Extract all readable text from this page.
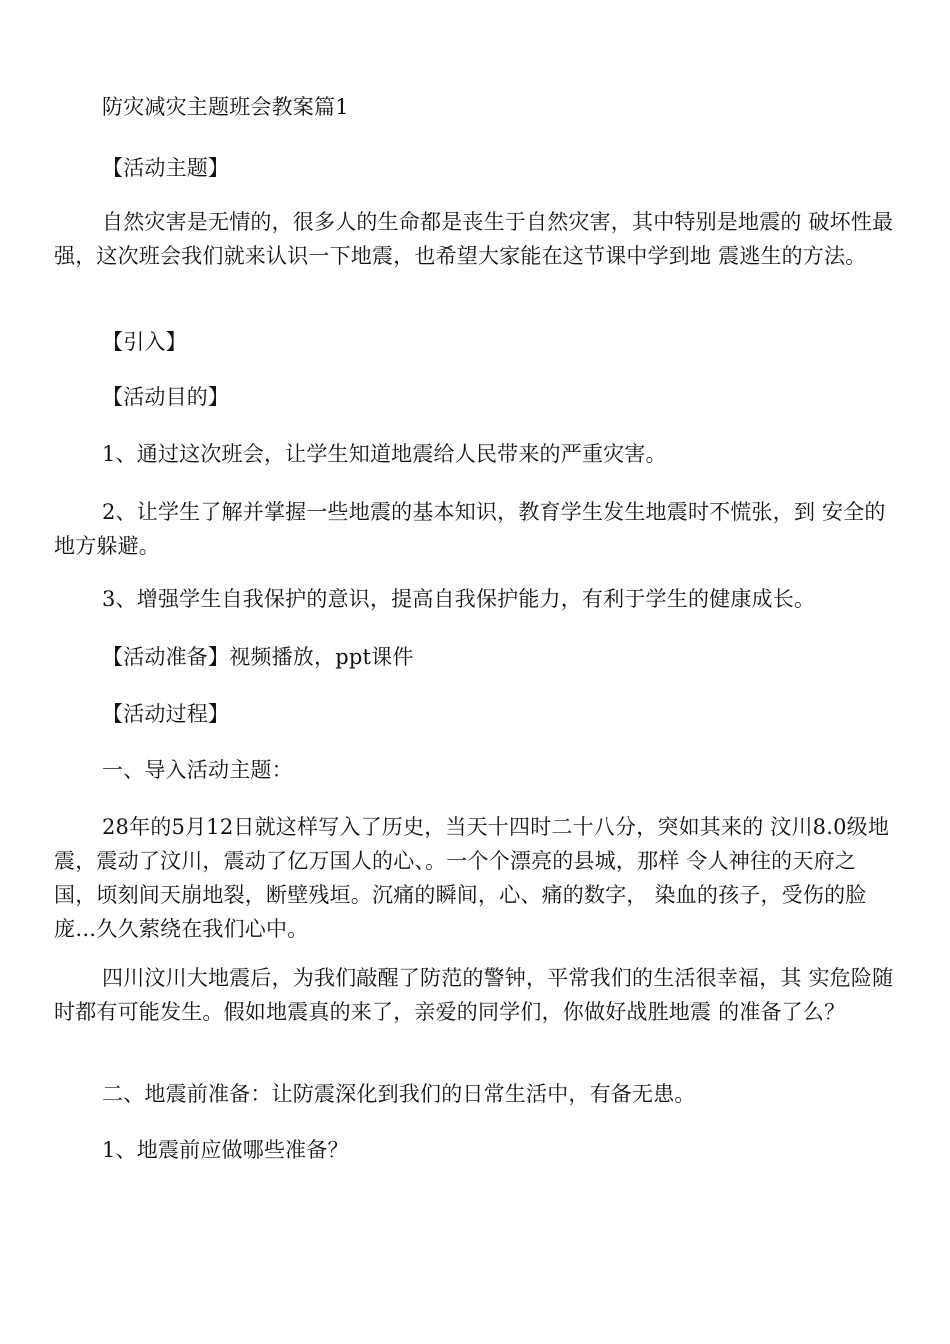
防灾减灾主题班会教案篇1

【活动主题】

自然灾害是无情的，很多人的生命都是丧生于自然灾害，其中特别是地震的 破坏性最强，这次班会我们就来认识一下地震，也希望大家能在这节课中学到地 震逃生的方法。

【引入】

【活动目的】

1、通过这次班会，让学生知道地震给人民带来的严重灾害。

2、让学生了解并掌握一些地震的基本知识，教育学生发生地震时不慌张，到 安全的地方躲避。

3、增强学生自我保护的意识，提高自我保护能力，有利于学生的健康成长。

【活动准备】视频播放，ppt课件

【活动过程】

一、导入活动主题：

28年的5月12日就这样写入了历史，当天十四时二十八分，突如其来的 汶川8.0级地震，震动了汶川，震动了亿万国人的心、。一个个漂亮的县城，那样 令人神往的天府之国，顷刻间天崩地裂，断壁残垣。沉痛的瞬间，心、痛的数字， 染血的孩子，受伤的脸庞…久久萦绕在我们心中。

四川汶川大地震后，为我们敲醒了防范的警钟，平常我们的生活很幸福，其 实危险随时都有可能发生。假如地震真的来了，亲爱的同学们，你做好战胜地震 的准备了么？

二、地震前准备：让防震深化到我们的日常生活中，有备无患。

1、地震前应做哪些准备？
